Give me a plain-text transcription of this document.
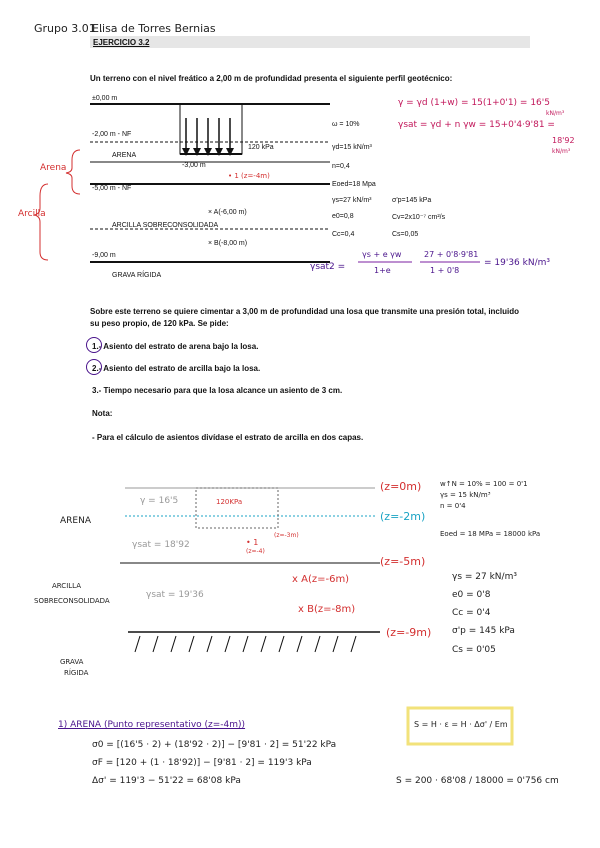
Grupo 3.01 .
Elisa de Torres Bernias
EJERCICIO 3.2
Un terreno con el nivel freático a 2,00 m de profundidad presenta el siguiente perfil geotécnico:
±0,00 m
-2,00 m - NF
ARENA
-3,00 m
120 kPa
-5,00 m - NF
× A(-6,00 m)
ARCILLA SOBRECONSOLIDADA
× B(-8,00 m)
-9,00 m
GRAVA RÍGIDA
ω = 10%
γd=15 kN/m³
n=0,4
Eoed=18 Mpa
γs=27 kN/m³	σ'p=145 kPa
e0=0,8	Cv=2x10⁻⁷ cm²/s
Cc=0,4	Cs=0,05
Arena
Arcilla
• 1 (z=-4m)
γ = γd (1+w) = 15(1+0'1) = 16'5
kN/m³
γsat = γd + n γw = 15+0'4·9'81 =
18'92
kN/m³
γsat2 =
γs + e γw
1+e
27 + 0'8·9'81
1 + 0'8
= 19'36 kN/m³
Sobre este terreno se quiere cimentar a 3,00 m de profundidad una losa que transmite una presión total, incluido su peso propio, de 120 kPa. Se pide:
1.- Asiento del estrato de arena bajo la losa.
2.- Asiento del estrato de arcilla bajo la losa.
3.- Tiempo necesario para que la losa alcance un asiento de 3 cm.
Nota:
- Para el cálculo de asientos divídase el estrato de arcilla en dos capas.
(z=0m)
(z=-2m)
(z=-5m)
x A(z=-6m)
x B(z=-8m)
(z=-9m)
γ = 16'5	120KPa
γsat = 18'92	• 1
(z=-4)
(z=-3m)
ARENA
ARCILLA
SOBRECONSOLIDADA
γsat = 19'36
GRAVA
RÍGIDA
w↑N = 10% = 100 = 0'1
γs = 15 kN/m³
n = 0'4
Eoed = 18 MPa = 18000 kPa
γs = 27 kN/m³
e0 = 0'8
Cc = 0'4
σ'p = 145 kPa
Cs = 0'05
1) ARENA (Punto representativo (z=-4m))
σ0 = [(16'5 · 2) + (18'92 · 2)] − [9'81 · 2] = 51'22 kPa
σF = [120 + (1 · 18'92)] − [9'81 · 2] = 119'3 kPa
Δσ' = 119'3 − 51'22 = 68'08 kPa
S = H · ε = H · Δσ' / Em
S = 200 · 68'08 / 18000 = 0'756 cm
